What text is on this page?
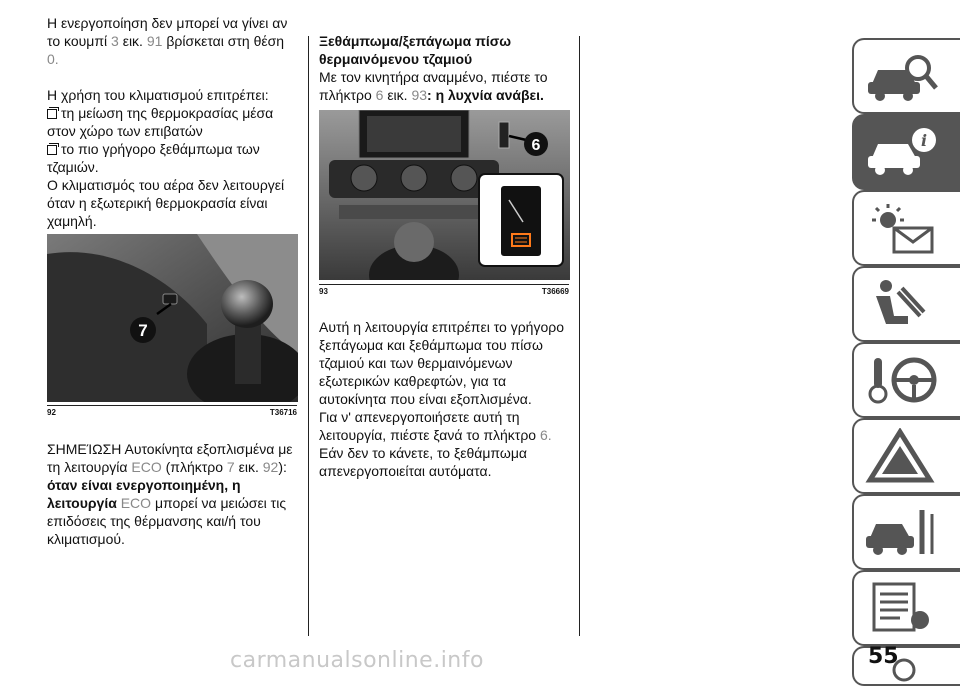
Η ενεργοποίηση δεν μπορεί να γίνει αν το κουμπί 3 εικ. 91 βρίσκεται στη θέση 0.

Η χρήση του κλιματισμού επιτρέπει:

τη μείωση της θερμοκρασίας μέσα στον χώρο των επιβατών

το πιο γρήγορο ξεθάμπωμα των τζαμιών.

Ο κλιματισμός του αέρα δεν λειτουργεί όταν η εξωτερική θερμοκρασία είναι χαμηλή.

7
92	T36716

ΣΗΜΕΊΩΣΗ Αυτοκίνητα εξοπλισμένα με τη λειτουργία ECO (πλήκτρο 7 εικ. 92): όταν είναι ενεργοποιημένη, η λειτουργία ECO μπορεί να μειώσει τις επιδόσεις της θέρμανσης και/ή του κλιματισμού.

Ξεθάμπωμα/ξεπάγωμα πίσω θερμαινόμενου τζαμιού

Με τον κινητήρα αναμμένο, πιέστε το πλήκτρο 6 εικ. 93: η λυχνία ανάβει.

6
93	T36669

Αυτή η λειτουργία επιτρέπει το γρήγορο ξεπάγωμα και ξεθάμπωμα του πίσω τζαμιού και των θερμαινόμενων εξωτερικών καθρεφτών, για τα αυτοκίνητα που είναι εξοπλισμένα.

Για ν' απενεργοποιήσετε αυτή τη λειτουργία, πιέστε ξανά το πλήκτρο 6.

Εάν δεν το κάνετε, το ξεθάμπωμα απενεργοποιείται αυτόματα.

i
55
carmanualsonline.info
